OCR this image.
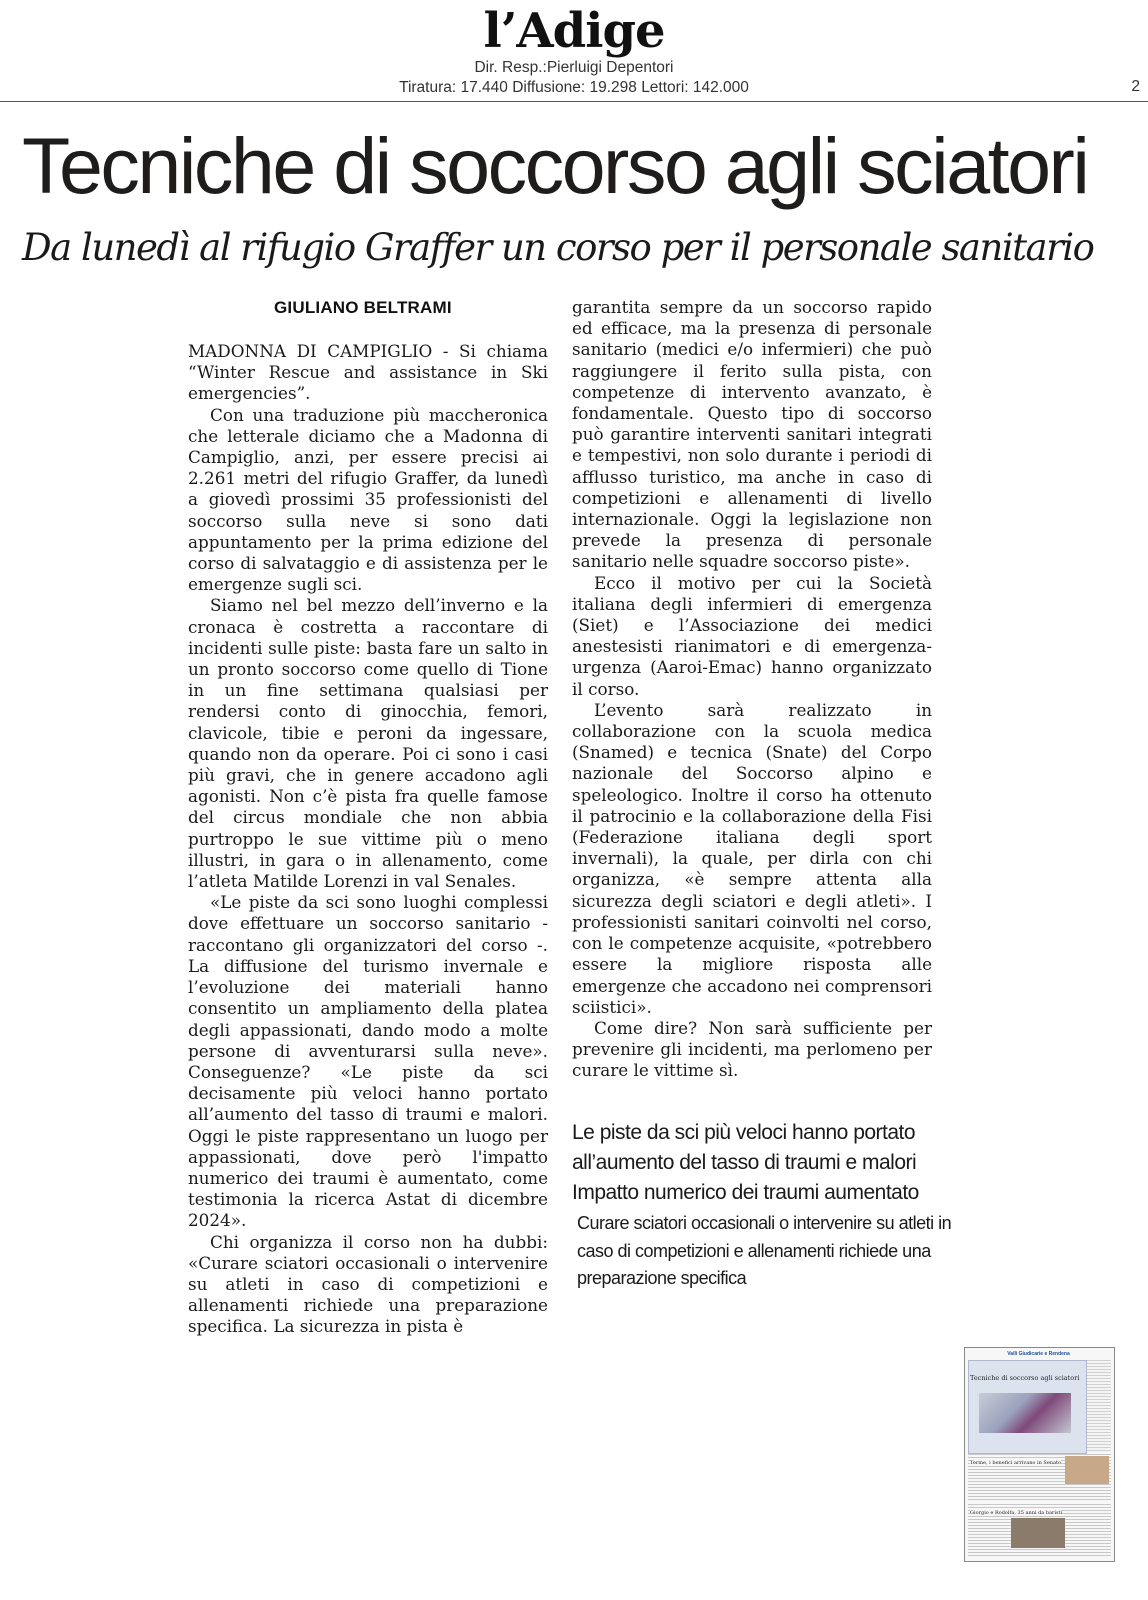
l’Adige
Dir. Resp.:Pierluigi Depentori
Tiratura: 17.440 Diffusione: 19.298 Lettori: 142.000	2
Tecniche di soccorso agli sciatori
Da lunedì al rifugio Graffer un corso per il personale sanitario
GIULIANO BELTRAMI

MADONNA DI CAMPIGLIO - Si chiama “Winter Rescue and assistance in Ski emergencies”.

Con una traduzione più maccheronica che letterale diciamo che a Madonna di Campiglio, anzi, per essere precisi ai 2.261 metri del rifugio Graffer, da lunedì a giovedì prossimi 35 professionisti del soccorso sulla neve si sono dati appuntamento per la prima edizione del corso di salvataggio e di assistenza per le emergenze sugli sci.

Siamo nel bel mezzo dell’inverno e la cronaca è costretta a raccontare di incidenti sulle piste: basta fare un salto in un pronto soccorso come quello di Tione in un fine settimana qualsiasi per rendersi conto di ginocchia, femori, clavicole, tibie e peroni da ingessare, quando non da operare. Poi ci sono i casi più gravi, che in genere accadono agli agonisti. Non c’è pista fra quelle famose del circus mondiale che non abbia purtroppo le sue vittime più o meno illustri, in gara o in allenamento, come l’atleta Matilde Lorenzi in val Senales.

«Le piste da sci sono luoghi complessi dove effettuare un soccorso sanitario - raccontano gli organizzatori del corso -. La diffusione del turismo invernale e l’evoluzione dei materiali hanno consentito un ampliamento della platea degli appassionati, dando modo a molte persone di avventurarsi sulla neve». Conseguenze? «Le piste da sci decisamente più veloci hanno portato all’aumento del tasso di traumi e malori. Oggi le piste rappresentano un luogo per appassionati, dove però l'impatto numerico dei traumi è aumentato, come testimonia la ricerca Astat di dicembre 2024».

Chi organizza il corso non ha dubbi: «Curare sciatori occasionali o intervenire su atleti in caso di competizioni e allenamenti richiede una preparazione specifica. La sicurezza in pista è

garantita sempre da un soccorso rapido ed efficace, ma la presenza di personale sanitario (medici e/o infermieri) che può raggiungere il ferito sulla pista, con competenze di intervento avanzato, è fondamentale. Questo tipo di soccorso può garantire interventi sanitari integrati e tempestivi, non solo durante i periodi di afflusso turistico, ma anche in caso di competizioni e allenamenti di livello internazionale. Oggi la legislazione non prevede la presenza di personale sanitario nelle squadre soccorso piste».

Ecco il motivo per cui la Società italiana degli infermieri di emergenza (Siet) e l’Associazione dei medici anestesisti rianimatori e di emergenza-urgenza (Aaroi-Emac) hanno organizzato il corso.

L’evento sarà realizzato in collaborazione con la scuola medica (Snamed) e tecnica (Snate) del Corpo nazionale del Soccorso alpino e speleologico. Inoltre il corso ha ottenuto il patrocinio e la collaborazione della Fisi (Federazione italiana degli sport invernali), la quale, per dirla con chi organizza, «è sempre attenta alla sicurezza degli sciatori e degli atleti». I professionisti sanitari coinvolti nel corso, con le competenze acquisite, «potrebbero essere la migliore risposta alle emergenze che accadono nei comprensori sciistici».

Come dire? Non sarà sufficiente per prevenire gli incidenti, ma perlomeno per curare le vittime sì.

Le piste da sci più veloci hanno portato all’aumento del tasso di traumi e malori Impatto numerico dei traumi aumentato
Curare sciatori occasionali o intervenire su atleti in caso di competizioni e allenamenti richiede una preparazione specifica
Valli Giudicarie e Rendena
Tecniche di soccorso agli sciatori
Terme, i benefici arrivano in Senato
Giorgio e Rodolfa, 35 anni da baristi
